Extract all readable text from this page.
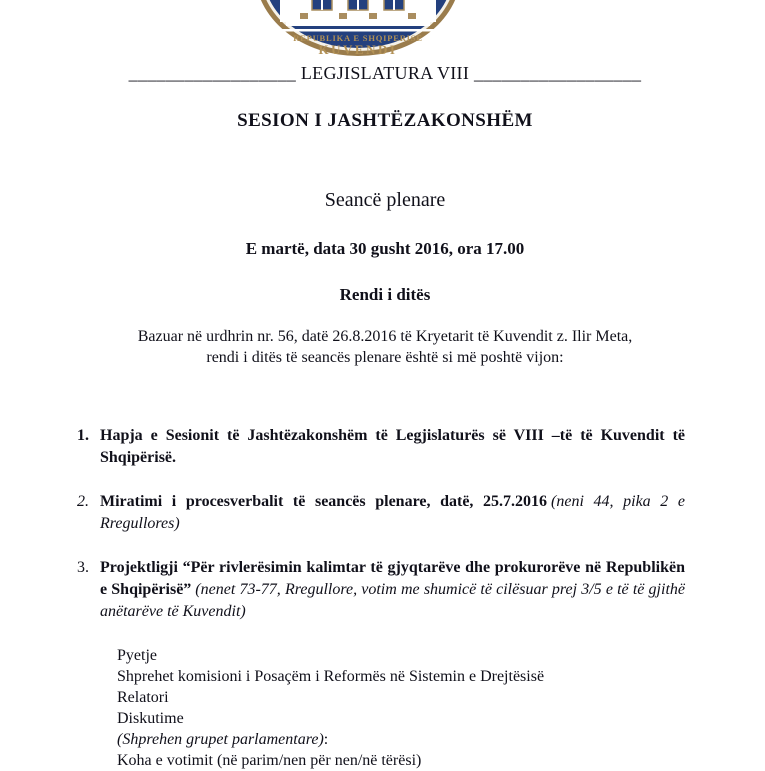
REPUBLIKA E SHQIPERISE
KUVENDI
__________________ LEGJISLATURA VIII __________________
SESION I JASHTËZAKONSHËM
Seancë plenare
E martë, data 30 gusht 2016, ora 17.00
Rendi i ditës
Bazuar në urdhrin nr. 56, datë 26.8.2016 të Kryetarit të Kuvendit z. Ilir Meta,
rendi i ditës të seancës plenare është si më poshtë vijon:
1. Hapja e Sesionit të Jashtëzakonshëm të Legjislaturës së VIII –të të Kuvendit të Shqipërisë.

2. Miratimi i procesverbalit të seancës plenare, datë, 25.7.2016 (neni 44, pika 2 e Rregullores)

3. Projektligji “Për rivlerësimin kalimtar të gjyqtarëve dhe prokurorëve në Republikën e Shqipërisë” (nenet 73-77, Rregullore, votim me shumicë të cilësuar prej 3/5 e të të gjithë anëtarëve të Kuvendit)

Pyetje
Shprehet komisioni i Posaçëm i Reformës në Sistemin e Drejtësisë
Relatori
Diskutime
(Shprehen grupet parlamentare):
Koha e votimit (në parim/nen për nen/në tërësi)
